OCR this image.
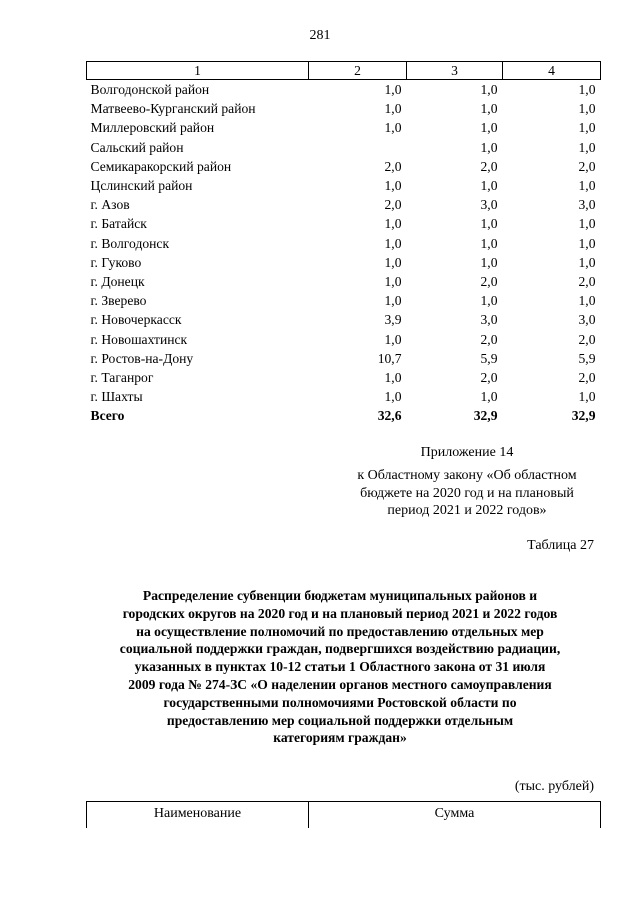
281
1	2	3	4
Волгодонской район	1,0	1,0	1,0
Матвеево-Курганский район	1,0	1,0	1,0
Миллеровский район	1,0	1,0	1,0
Сальский район		1,0	1,0
Семикаракорский район	2,0	2,0	2,0
Цслинский район	1,0	1,0	1,0
г. Азов	2,0	3,0	3,0
г. Батайск	1,0	1,0	1,0
г. Волгодонск	1,0	1,0	1,0
г. Гуково	1,0	1,0	1,0
г. Донецк	1,0	2,0	2,0
г. Зверево	1,0	1,0	1,0
г. Новочеркасск	3,9	3,0	3,0
г. Новошахтинск	1,0	2,0	2,0
г. Ростов-на-Дону	10,7	5,9	5,9
г. Таганрог	1,0	2,0	2,0
г. Шахты	1,0	1,0	1,0
Всего	32,6	32,9	32,9
Приложение 14
к Областному закону «Об областном
бюджете на 2020 год и на плановый
период 2021 и 2022 годов»
Таблица 27
Распределение субвенции бюджетам муниципальных районов и
городских округов на 2020 год и на плановый период 2021 и 2022 годов
на осуществление полномочий по предоставлению отдельных мер
социальной поддержки граждан, подвергшихся воздействию радиации,
указанных в пунктах 10-12 статьи 1 Областного закона от 31 июля
2009 года № 274-ЗС «О наделении органов местного самоуправления
государственными полномочиями Ростовской области по
предоставлению мер социальной поддержки отдельным
категориям граждан»
(тыс. рублей)
Наименование	Сумма
